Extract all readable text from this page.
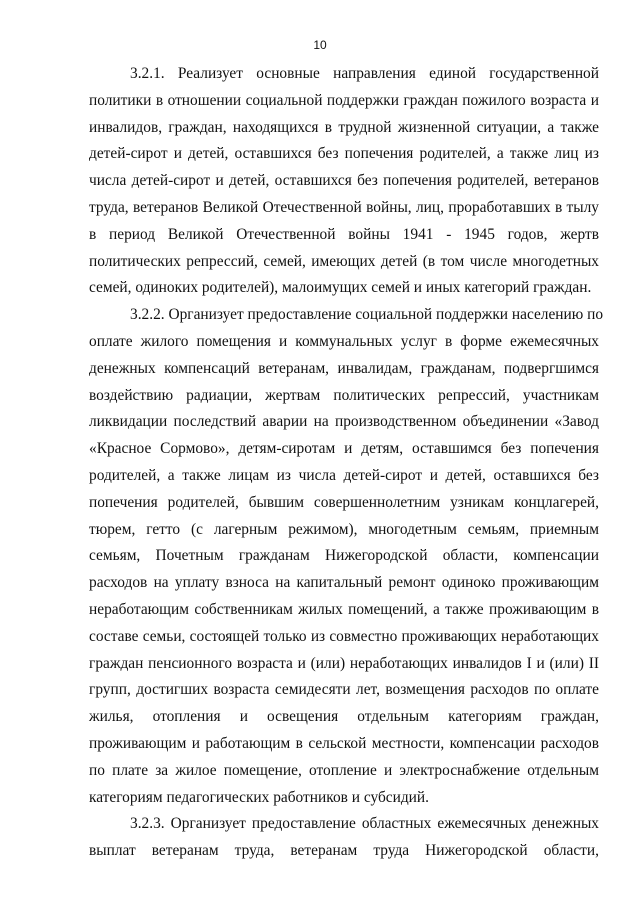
10

3.2.1. Реализует основные направления единой государственной
политики в отношении социальной поддержки граждан пожилого возраста и
инвалидов, граждан, находящихся в трудной жизненной ситуации, а также
детей-сирот и детей, оставшихся без попечения родителей, а также лиц из
числа детей-сирот и детей, оставшихся без попечения родителей, ветеранов
труда, ветеранов Великой Отечественной войны, лиц, проработавших в тылу
в период Великой Отечественной войны 1941 - 1945 годов, жертв
политических репрессий, семей, имеющих детей (в том числе многодетных
семей, одиноких родителей), малоимущих семей и иных категорий граждан.

3.2.2. Организует предоставление социальной поддержки населению по
оплате жилого помещения и коммунальных услуг в форме ежемесячных
денежных компенсаций ветеранам, инвалидам, гражданам, подвергшимся
воздействию радиации, жертвам политических репрессий, участникам
ликвидации последствий аварии на производственном объединении «Завод
«Красное Сормово», детям-сиротам и детям, оставшимся без попечения
родителей, а также лицам из числа детей-сирот и детей, оставшихся без
попечения родителей, бывшим совершеннолетним узникам концлагерей,
тюрем, гетто (с лагерным режимом), многодетным семьям, приемным
семьям, Почетным гражданам Нижегородской области, компенсации
расходов на уплату взноса на капитальный ремонт одиноко проживающим
неработающим собственникам жилых помещений, а также проживающим в
составе семьи, состоящей только из совместно проживающих неработающих
граждан пенсионного возраста и (или) неработающих инвалидов I и (или) II
групп, достигших возраста семидесяти лет, возмещения расходов по оплате
жилья, отопления и освещения отдельным категориям граждан,
проживающим и работающим в сельской местности, компенсации расходов
по плате за жилое помещение, отопление и электроснабжение отдельным
категориям педагогических работников и субсидий.

3.2.3. Организует предоставление областных ежемесячных денежных
выплат ветеранам труда, ветеранам труда Нижегородской области,
